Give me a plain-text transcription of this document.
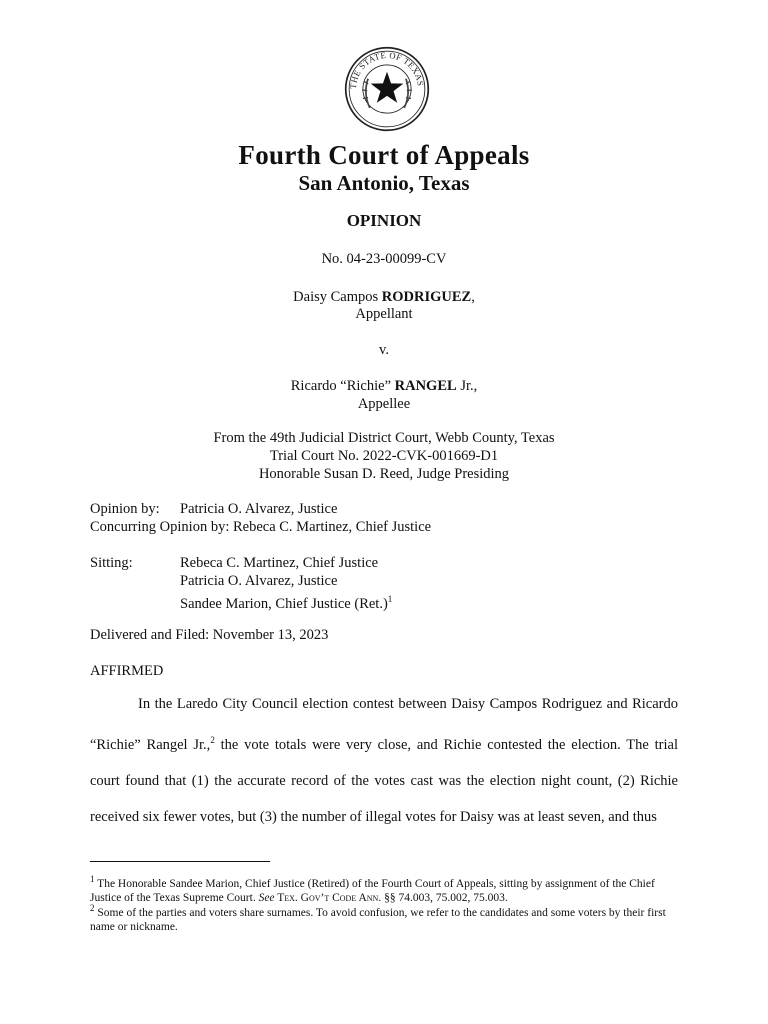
THE STATE OF TEXAS
Fourth Court of Appeals
San Antonio, Texas
OPINION
No. 04-23-00099-CV
Daisy Campos RODRIGUEZ,
Appellant
v.
Ricardo “Richie” RANGEL Jr.,
Appellee
From the 49th Judicial District Court, Webb County, Texas
Trial Court No. 2022-CVK-001669-D1
Honorable Susan D. Reed, Judge Presiding
Opinion by: Patricia O. Alvarez, Justice
Concurring Opinion by: Rebeca C. Martinez, Chief Justice
Sitting:	Rebeca C. Martinez, Chief Justice
Patricia O. Alvarez, Justice
Sandee Marion, Chief Justice $(Ret.)^1$
Delivered and Filed: November 13, 2023
AFFIRMED
In the Laredo City Council election contest between Daisy Campos Rodriguez and Ricardo “Richie” Rangel Jr.,$^2$ the vote totals were very close, and Richie contested the election. The trial court found that (1) the accurate record of the votes cast was the election night count, (2) Richie received six fewer votes, but (3) the number of illegal votes for Daisy was at least seven, and thus
$^1$ The Honorable Sandee Marion, Chief Justice (Retired) of the Fourth Court of Appeals, sitting by assignment of the Chief Justice of the Texas Supreme Court. See Tex. Gov’t Code Ann. §§ 74.003, 75.002, 75.003.
$^2$ Some of the parties and voters share surnames. To avoid confusion, we refer to the candidates and some voters by their first name or nickname.
